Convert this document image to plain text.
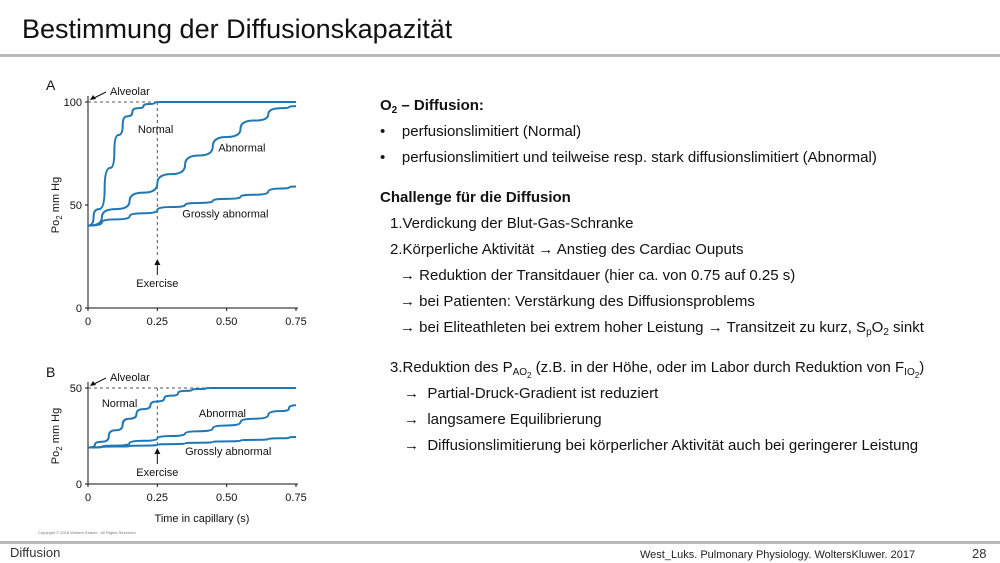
Bestimmung der Diffusionskapazität
A
0
50
100
0	0.25	0.50	0.75
$Po_2$ mm Hg
Alveolar
Exercise
Normal
Abnormal
Grossly abnormal
B
0
50
0	0.25	0.50	0.75
$Po_2$ mm Hg
Time in capillary (s)
Alveolar
Exercise
Normal
Abnormal
Grossly abnormal
Copyright © 2016 Wolters Kluwer · All Rights Reserved
$O_2$ – Diffusion:
•    perfusionslimitiert (Normal)
•    perfusionslimitiert und teilweise resp. stark diffusionslimitiert (Abnormal)
Challenge für die Diffusion
1.Verdickung der Blut-Gas-Schranke
2.Körperliche Aktivität → Anstieg des Cardiac Ouputs
→ Reduktion der Transitdauer (hier ca. von 0.75 auf 0.25 s)
→ bei Patienten: Verstärkung des Diffusionsproblems
→ bei Eliteathleten bei extrem hoher Leistung → Transitzeit zu kurz, $S_pO_2$ sinkt
3.Reduktion des $P_{AO_2}$ (z.B. in der Höhe, oder im Labor durch Reduktion von $F_{IO_2}$)
→  Partial-Druck-Gradient ist reduziert
→  langsamere Equilibrierung
→  Diffusionslimitierung bei körperlicher Aktivität auch bei geringerer Leistung
Diffusion	West_Luks. Pulmonary Physiology. WoltersKluwer. 2017	28
